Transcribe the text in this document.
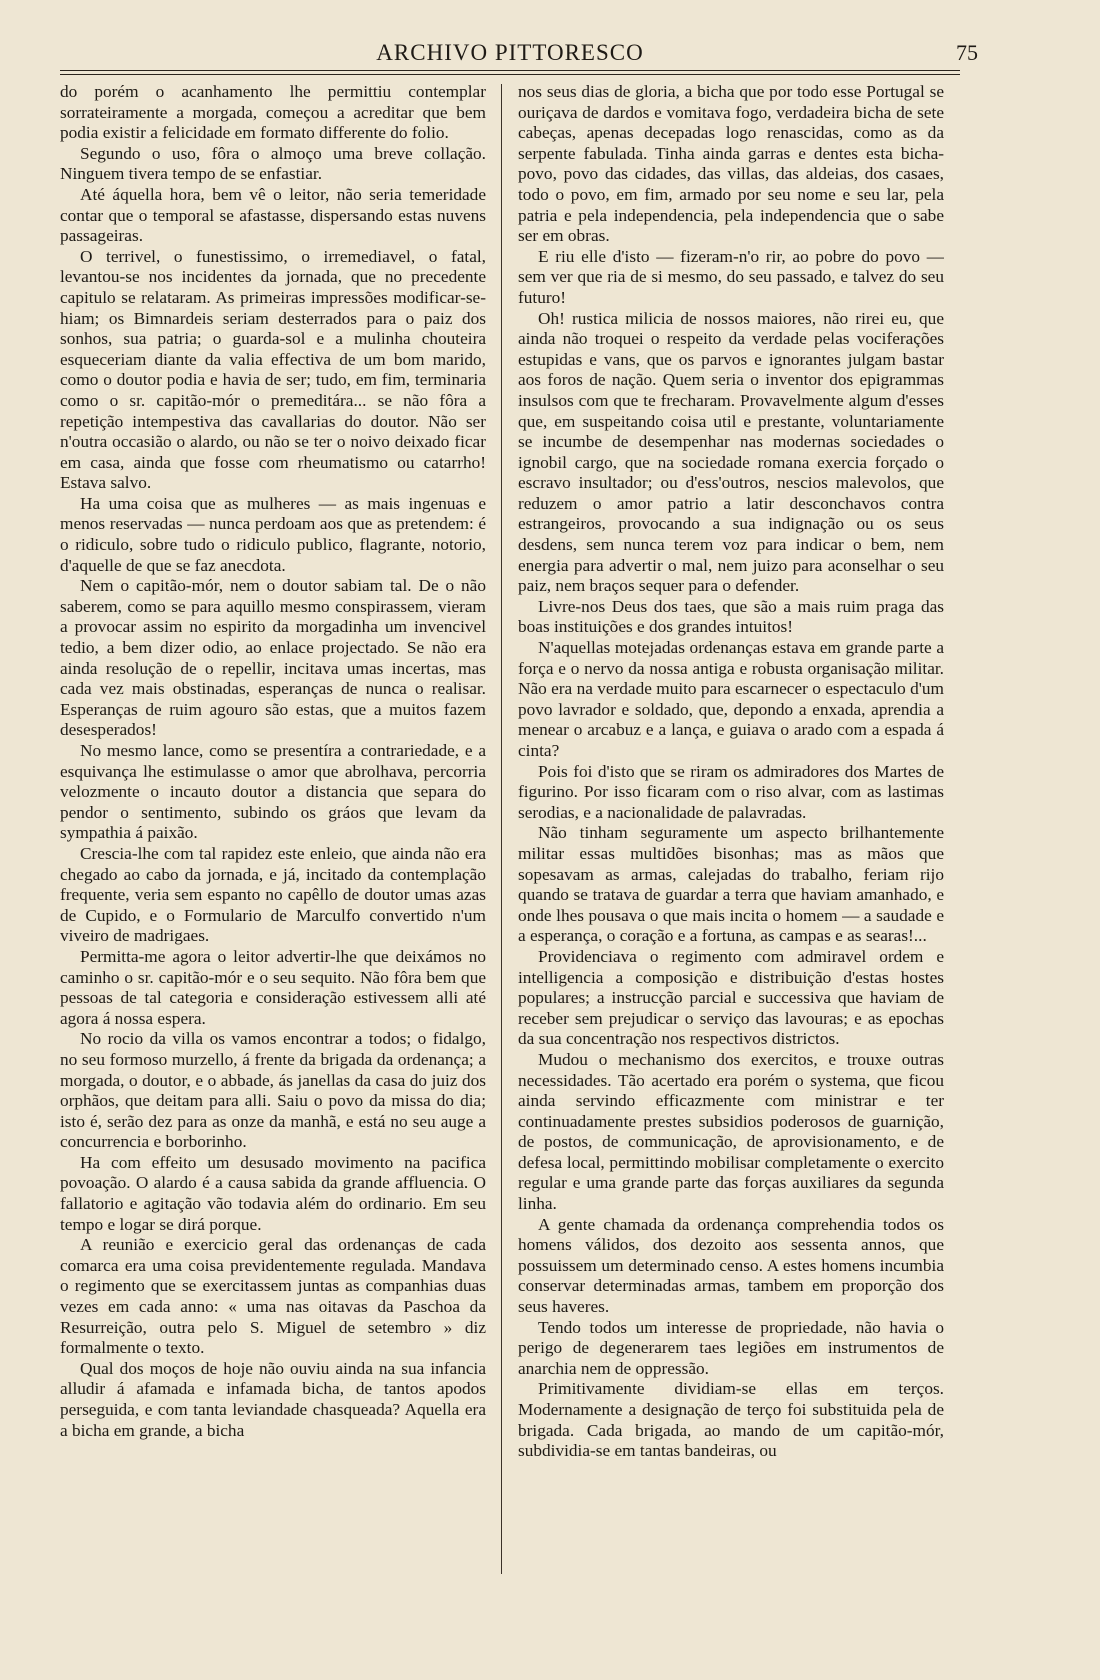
ARCHIVO PITTORESCO	75

do porém o acanhamento lhe permittiu contemplar sorrateiramente a morgada, começou a acreditar que bem podia existir a felicidade em formato differente do folio.

Segundo o uso, fôra o almoço uma breve collação. Ninguem tivera tempo de se enfastiar.

Até áquella hora, bem vê o leitor, não seria temeridade contar que o temporal se afastasse, dispersando estas nuvens passageiras.

O terrivel, o funestissimo, o irremediavel, o fatal, levantou-se nos incidentes da jornada, que no precedente capitulo se relataram. As primeiras impressões modificar-se-hiam; os Bimnardeis seriam desterrados para o paiz dos sonhos, sua patria; o guarda-sol e a mulinha chouteira esqueceriam diante da valia effectiva de um bom marido, como o doutor podia e havia de ser; tudo, em fim, terminaria como o sr. capitão-mór o premeditára... se não fôra a repetição intempestiva das cavallarias do doutor. Não ser n'outra occasião o alardo, ou não se ter o noivo deixado ficar em casa, ainda que fosse com rheumatismo ou catarrho! Estava salvo.

Ha uma coisa que as mulheres — as mais ingenuas e menos reservadas — nunca perdoam aos que as pretendem: é o ridiculo, sobre tudo o ridiculo publico, flagrante, notorio, d'aquelle de que se faz anecdota.

Nem o capitão-mór, nem o doutor sabiam tal. De o não saberem, como se para aquillo mesmo conspirassem, vieram a provocar assim no espirito da morgadinha um invencivel tedio, a bem dizer odio, ao enlace projectado. Se não era ainda resolução de o repellir, incitava umas incertas, mas cada vez mais obstinadas, esperanças de nunca o realisar. Esperanças de ruim agouro são estas, que a muitos fazem desesperados!

No mesmo lance, como se presentíra a contrariedade, e a esquivança lhe estimulasse o amor que abrolhava, percorria velozmente o incauto doutor a distancia que separa do pendor o sentimento, subindo os gráos que levam da sympathia á paixão.

Crescia-lhe com tal rapidez este enleio, que ainda não era chegado ao cabo da jornada, e já, incitado da contemplação frequente, veria sem espanto no capêllo de doutor umas azas de Cupido, e o Formulario de Marculfo convertido n'um viveiro de madrigaes.

Permitta-me agora o leitor advertir-lhe que deixámos no caminho o sr. capitão-mór e o seu sequito. Não fôra bem que pessoas de tal categoria e consideração estivessem alli até agora á nossa espera.

No rocio da villa os vamos encontrar a todos; o fidalgo, no seu formoso murzello, á frente da brigada da ordenança; a morgada, o doutor, e o abbade, ás janellas da casa do juiz dos orphãos, que deitam para alli. Saiu o povo da missa do dia; isto é, serão dez para as onze da manhã, e está no seu auge a concurrencia e borborinho.

Ha com effeito um desusado movimento na pacifica povoação. O alardo é a causa sabida da grande affluencia. O fallatorio e agitação vão todavia além do ordinario. Em seu tempo e logar se dirá porque.

A reunião e exercicio geral das ordenanças de cada comarca era uma coisa previdentemente regulada. Mandava o regimento que se exercitassem juntas as companhias duas vezes em cada anno: « uma nas oitavas da Paschoa da Resurreição, outra pelo S. Miguel de setembro » diz formalmente o texto.

Qual dos moços de hoje não ouviu ainda na sua infancia alludir á afamada e infamada bicha, de tantos apodos perseguida, e com tanta leviandade chasqueada? Aquella era a bicha em grande, a bicha

nos seus dias de gloria, a bicha que por todo esse Portugal se ouriçava de dardos e vomitava fogo, verdadeira bicha de sete cabeças, apenas decepadas logo renascidas, como as da serpente fabulada. Tinha ainda garras e dentes esta bicha-povo, povo das cidades, das villas, das aldeias, dos casaes, todo o povo, em fim, armado por seu nome e seu lar, pela patria e pela independencia, pela independencia que o sabe ser em obras.

E riu elle d'isto — fizeram-n'o rir, ao pobre do povo — sem ver que ria de si mesmo, do seu passado, e talvez do seu futuro!

Oh! rustica milicia de nossos maiores, não rirei eu, que ainda não troquei o respeito da verdade pelas vociferações estupidas e vans, que os parvos e ignorantes julgam bastar aos foros de nação. Quem seria o inventor dos epigrammas insulsos com que te frecharam. Provavelmente algum d'esses que, em suspeitando coisa util e prestante, voluntariamente se incumbe de desempenhar nas modernas sociedades o ignobil cargo, que na sociedade romana exercia forçado o escravo insultador; ou d'ess'outros, nescios malevolos, que reduzem o amor patrio a latir desconchavos contra estrangeiros, provocando a sua indignação ou os seus desdens, sem nunca terem voz para indicar o bem, nem energia para advertir o mal, nem juizo para aconselhar o seu paiz, nem braços sequer para o defender.

Livre-nos Deus dos taes, que são a mais ruim praga das boas instituições e dos grandes intuitos!

N'aquellas motejadas ordenanças estava em grande parte a força e o nervo da nossa antiga e robusta organisação militar. Não era na verdade muito para escarnecer o espectaculo d'um povo lavrador e soldado, que, depondo a enxada, aprendia a menear o arcabuz e a lança, e guiava o arado com a espada á cinta?

Pois foi d'isto que se riram os admiradores dos Martes de figurino. Por isso ficaram com o riso alvar, com as lastimas serodias, e a nacionalidade de palavradas.

Não tinham seguramente um aspecto brilhantemente militar essas multidões bisonhas; mas as mãos que sopesavam as armas, calejadas do trabalho, feriam rijo quando se tratava de guardar a terra que haviam amanhado, e onde lhes pousava o que mais incita o homem — a saudade e a esperança, o coração e a fortuna, as campas e as searas!...

Providenciava o regimento com admiravel ordem e intelligencia a composição e distribuição d'estas hostes populares; a instrucção parcial e successiva que haviam de receber sem prejudicar o serviço das lavouras; e as epochas da sua concentração nos respectivos districtos.

Mudou o mechanismo dos exercitos, e trouxe outras necessidades. Tão acertado era porém o systema, que ficou ainda servindo efficazmente com ministrar e ter continuadamente prestes subsidios poderosos de guarnição, de postos, de communicação, de aprovisionamento, e de defesa local, permittindo mobilisar completamente o exercito regular e uma grande parte das forças auxiliares da segunda linha.

A gente chamada da ordenança comprehendia todos os homens válidos, dos dezoito aos sessenta annos, que possuissem um determinado censo. A estes homens incumbia conservar determinadas armas, tambem em proporção dos seus haveres.

Tendo todos um interesse de propriedade, não havia o perigo de degenerarem taes legiões em instrumentos de anarchia nem de oppressão.

Primitivamente dividiam-se ellas em terços. Modernamente a designação de terço foi substituida pela de brigada. Cada brigada, ao mando de um capitão-mór, subdividia-se em tantas bandeiras, ou
